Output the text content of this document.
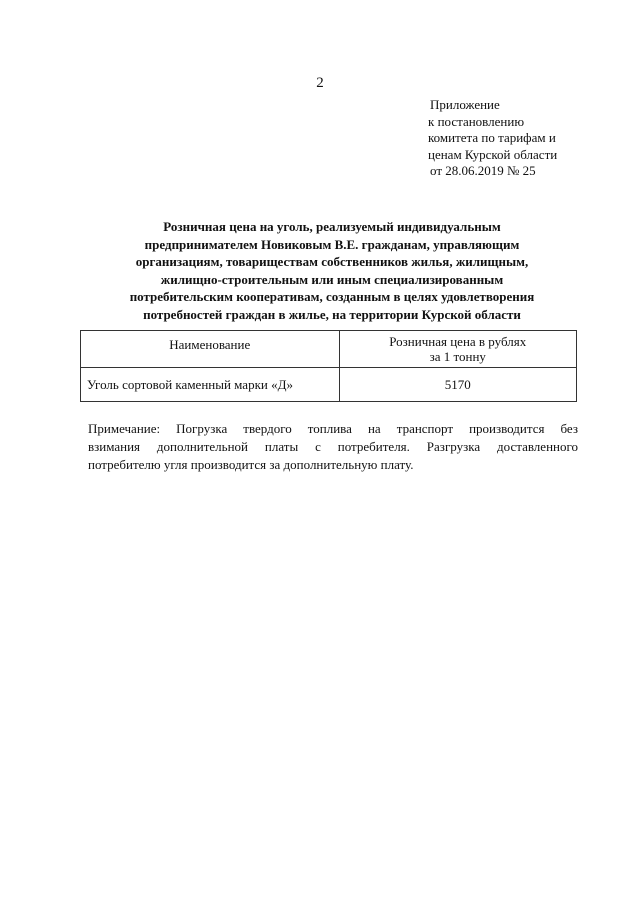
2
Приложение
к постановлению
комитета по тарифам и
ценам Курской области
от 28.06.2019 № 25
Розничная цена на уголь, реализуемый индивидуальным
предпринимателем Новиковым В.Е. гражданам, управляющим
организациям, товариществам собственников жилья, жилищным,
жилищно-строительным или иным специализированным
потребительским кооперативам, созданным в целях удовлетворения
потребностей граждан в жилье, на территории Курской области
Наименование	Розничная цена в рублях
за 1 тонну

Уголь сортовой каменный марки «Д»	5170
Примечание: Погрузка твердого топлива на транспорт производится без
взимания дополнительной платы с потребителя. Разгрузка доставленного
потребителю угля производится за дополнительную плату.
